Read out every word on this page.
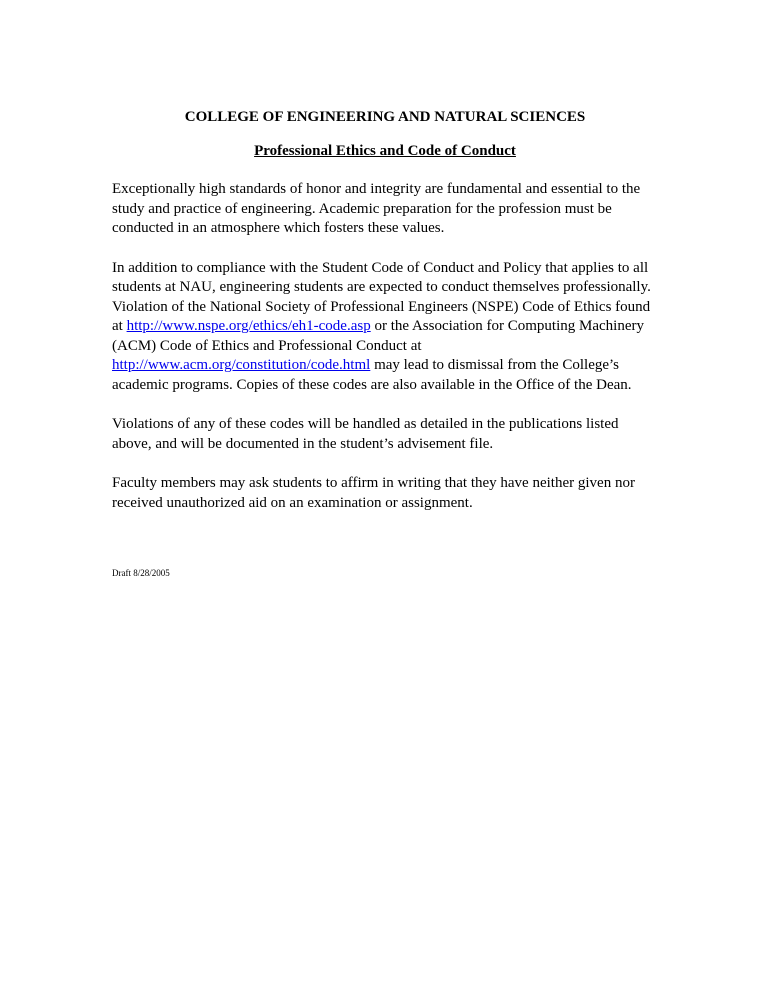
COLLEGE OF ENGINEERING AND NATURAL SCIENCES
Professional Ethics and Code of Conduct

Exceptionally high standards of honor and integrity are fundamental and essential to the study and practice of engineering. Academic preparation for the profession must be conducted in an atmosphere which fosters these values.

In addition to compliance with the Student Code of Conduct and Policy that applies to all students at NAU, engineering students are expected to conduct themselves professionally. Violation of the National Society of Professional Engineers (NSPE) Code of Ethics found at http://www.nspe.org/ethics/eh1-code.asp or the Association for Computing Machinery (ACM) Code of Ethics and Professional Conduct at http://www.acm.org/constitution/code.html may lead to dismissal from the College’s academic programs. Copies of these codes are also available in the Office of the Dean.

Violations of any of these codes will be handled as detailed in the publications listed above, and will be documented in the student’s advisement file.

Faculty members may ask students to affirm in writing that they have neither given nor received unauthorized aid on an examination or assignment.

Draft 8/28/2005
